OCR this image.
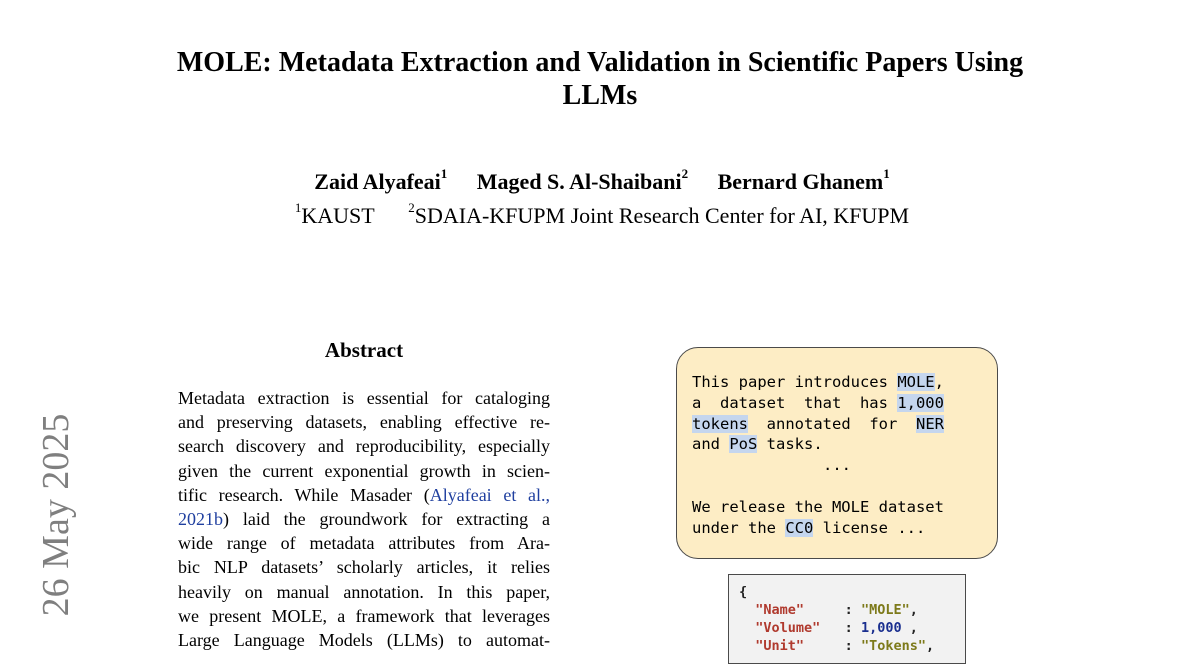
MOLE: Metadata Extraction and Validation in Scientific Papers Using
LLMs
Zaid Alyafeai$^1$ Maged S. Al-Shaibani$^2$ Bernard Ghanem$^1$
$^1$KAUST	$^2$SDAIA-KFUPM Joint Research Center for AI, KFUPM
26 May 2025
Abstract
Metadata extraction is essential for cataloging
and preserving datasets, enabling effective re-
search discovery and reproducibility, especially
given the current exponential growth in scien-
tific research. While Masader (Alyafeai et al.,
2021b) laid the groundwork for extracting a
wide range of metadata attributes from Ara-
bic NLP datasets’ scholarly articles, it relies
heavily on manual annotation. In this paper,
we present MOLE, a framework that leverages
Large Language Models (LLMs) to automat-
This paper introduces MOLE,
a  dataset  that  has 1,000
tokens  annotated  for  NER
and PoS tasks.
...
We release the MOLE dataset
under the CC0 license ...
{
"Name"     : "MOLE",
"Volume"   : 1,000 ,
"Unit"     : "Tokens",
